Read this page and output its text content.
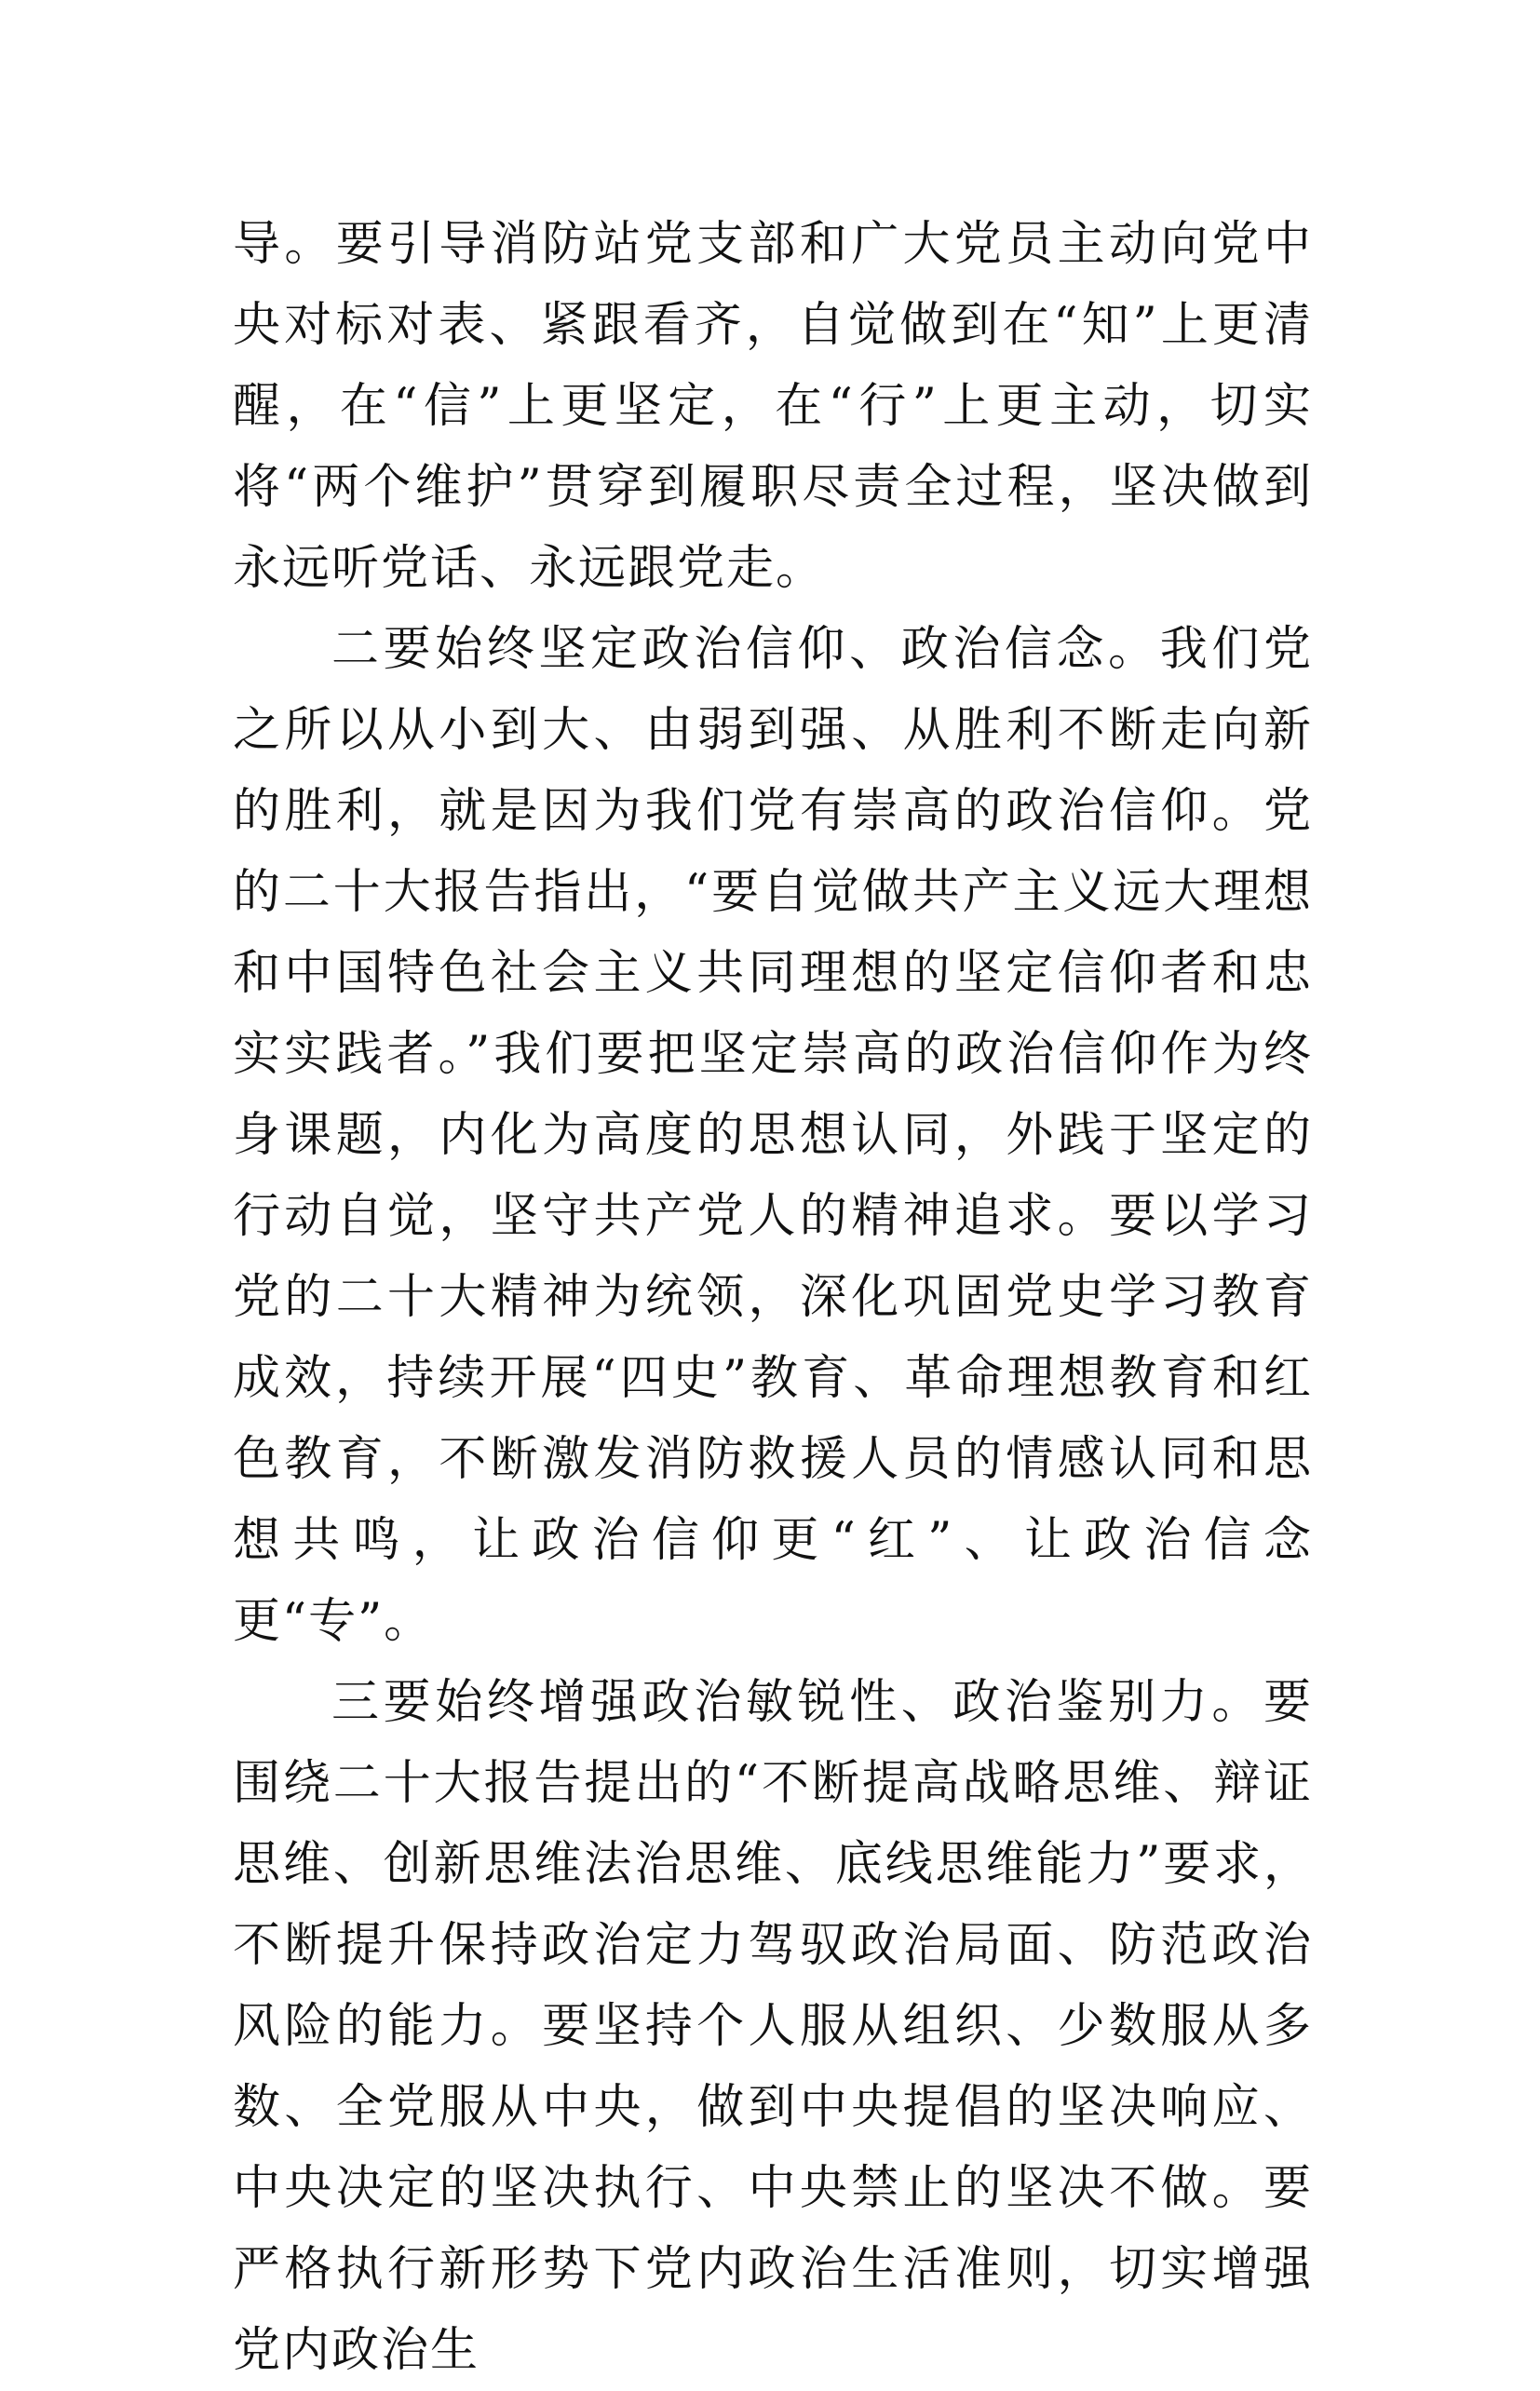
导。要引导消防站党支部和广大党员主动向党中央对标对表、紧跟看齐，自觉做到在“知”上更清醒，在“信”上更坚定，在“行”上更主动，切实将“两个维护”贯穿到履职尽责全过程，坚决做到永远听党话、永远跟党走。

二要始终坚定政治信仰、政治信念。我们党之所以从小到大、由弱到强、从胜利不断走向新的胜利，就是因为我们党有崇高的政治信仰。党的二十大报告指出，“要自觉做共产主义远大理想和中国特色社会主义共同理想的坚定信仰者和忠实实践者。”我们要把坚定崇高的政治信仰作为终身课题，内化为高度的思想认同，外践于坚定的行动自觉，坚守共产党人的精神追求。要以学习党的二十大精神为统领，深化巩固党史学习教育成效，持续开展“四史”教育、革命理想教育和红色教育，不断激发消防救援人员的情感认同和思想共鸣，让政治信仰更“红”、让政治信念更“专”。

三要始终增强政治敏锐性、政治鉴别力。要围绕二十大报告提出的“不断提高战略思维、辩证思维、创新思维法治思维、底线思维能力”要求，不断提升保持政治定力驾驭政治局面、防范政治风险的能力。要坚持个人服从组织、少数服从多数、全党服从中央，做到中央提倡的坚决响应、中央决定的坚决执行、中央禁止的坚决不做。要严格执行新形势下党内政治生活准则，切实增强党内政治生
